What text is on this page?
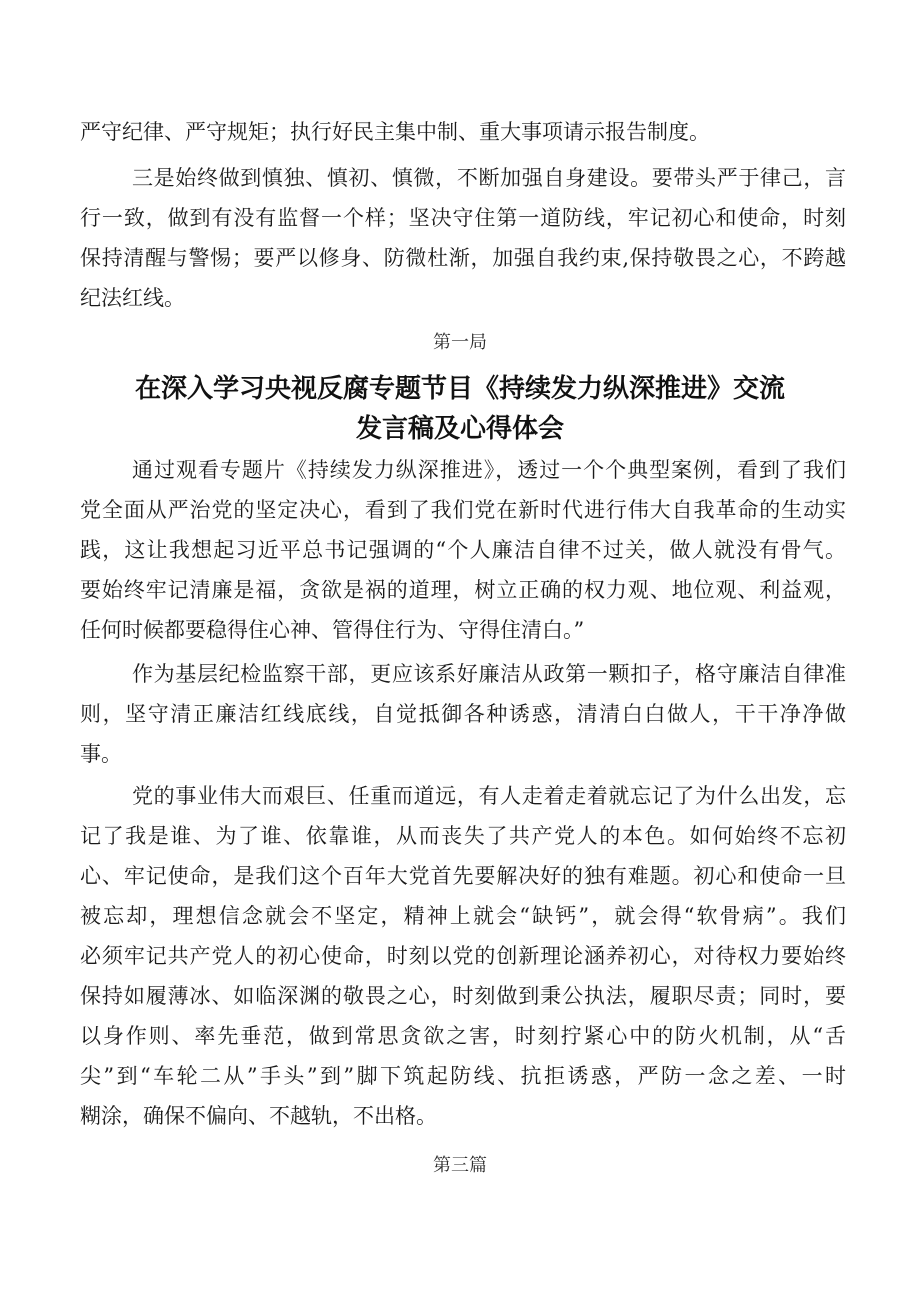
严守纪律、严守规矩；执行好民主集中制、重大事项请示报告制度。
三是始终做到慎独、慎初、慎微，不断加强自身建设。要带头严于律己，言
行一致，做到有没有监督一个样；坚决守住第一道防线，牢记初心和使命，时刻
保持清醒与警惕；要严以修身、防微杜渐，加强自我约束,保持敬畏之心，不跨越
纪法红线。
第一局
在深入学习央视反腐专题节目《持续发力纵深推进》交流
发言稿及心得体会
通过观看专题片《持续发力纵深推进》，透过一个个典型案例，看到了我们
党全面从严治党的坚定决心，看到了我们党在新时代进行伟大自我革命的生动实
践，这让我想起习近平总书记强调的“个人廉洁自律不过关，做人就没有骨气。
要始终牢记清廉是福，贪欲是祸的道理，树立正确的权力观、地位观、利益观，
任何时候都要稳得住心神、管得住行为、守得住清白。”
作为基层纪检监察干部，更应该系好廉洁从政第一颗扣子，格守廉洁自律准
则，坚守清正廉洁红线底线，自觉抵御各种诱惑，清清白白做人，干干净净做
事。
党的事业伟大而艰巨、任重而道远，有人走着走着就忘记了为什么出发，忘
记了我是谁、为了谁、依靠谁，从而丧失了共产党人的本色。如何始终不忘初
心、牢记使命，是我们这个百年大党首先要解决好的独有难题。初心和使命一旦
被忘却，理想信念就会不坚定，精神上就会“缺钙”，就会得“软骨病”。我们
必须牢记共产党人的初心使命，时刻以党的创新理论涵养初心，对待权力要始终
保持如履薄冰、如临深渊的敬畏之心，时刻做到秉公执法，履职尽责；同时，要
以身作则、率先垂范，做到常思贪欲之害，时刻拧紧心中的防火机制，从“舌
尖”到“车轮二从”手头”到”脚下筑起防线、抗拒诱惑，严防一念之差、一时
糊涂，确保不偏向、不越轨，不出格。
第三篇
